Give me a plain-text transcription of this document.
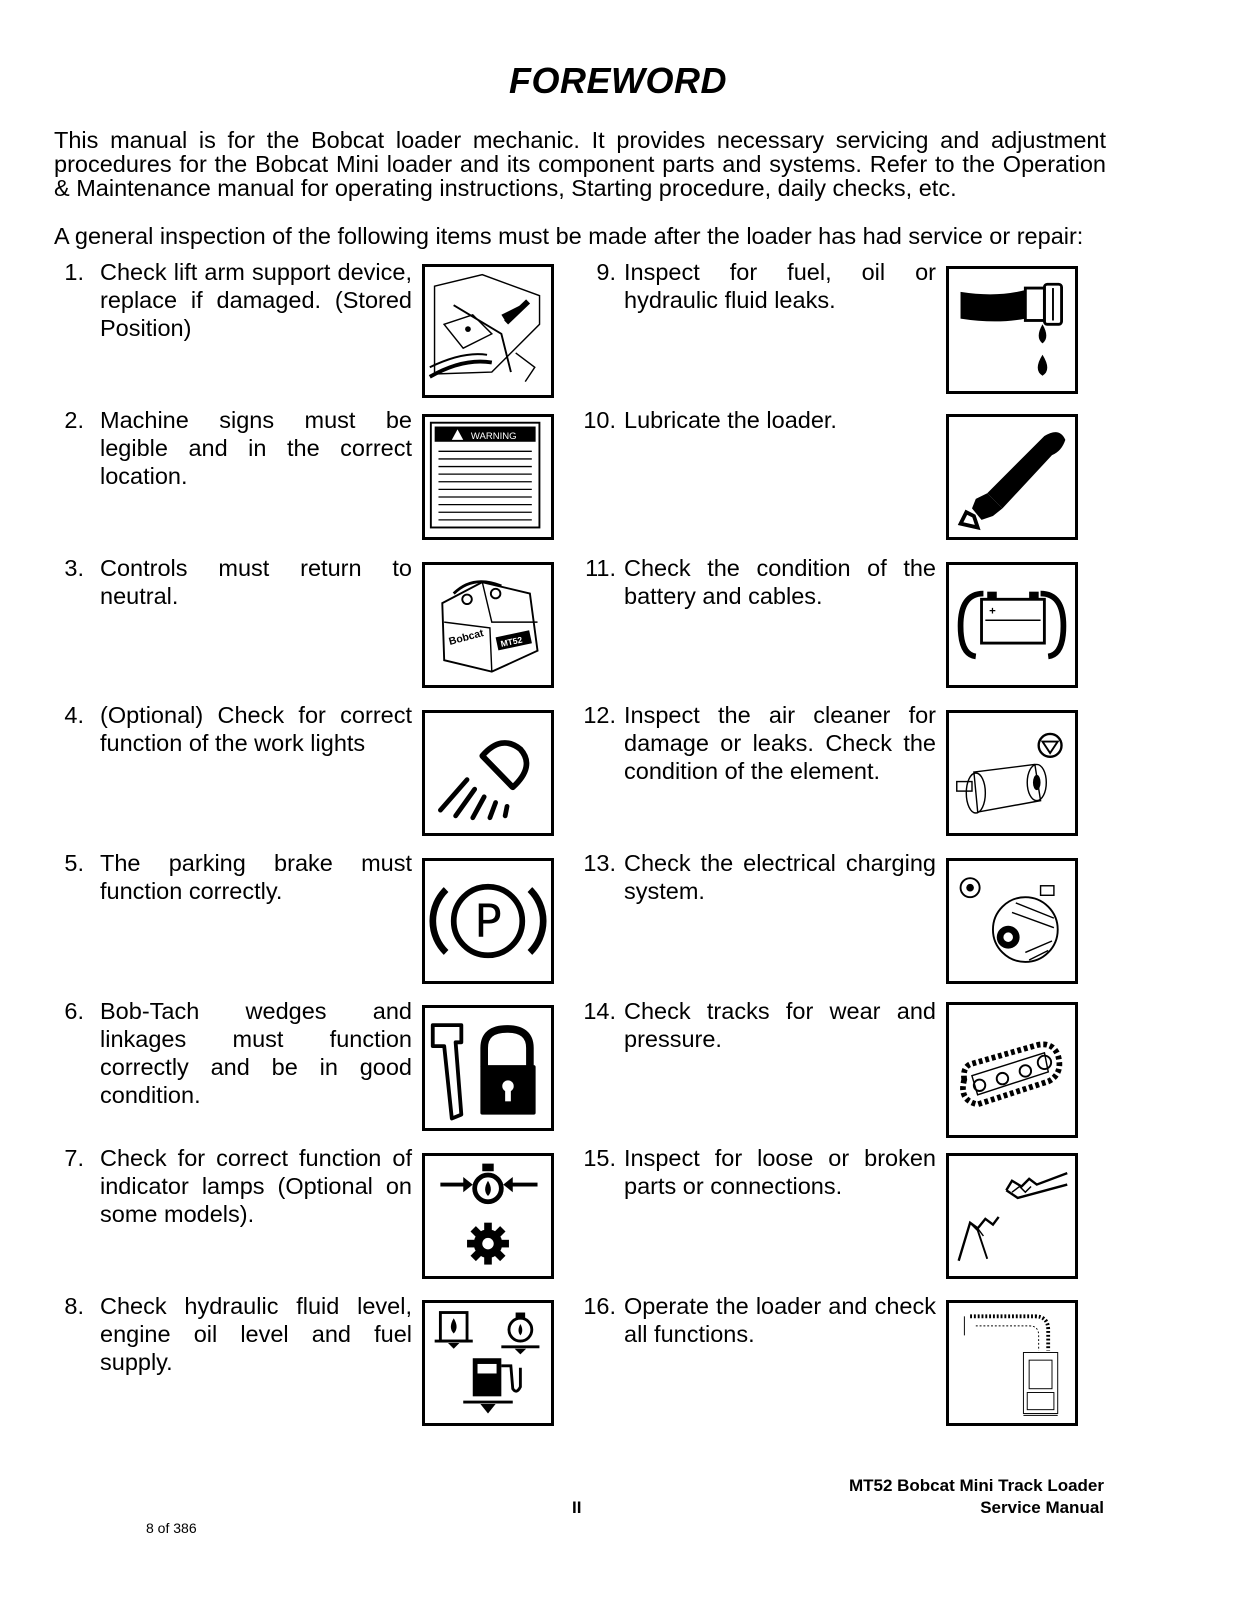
FOREWORD
This manual is for the Bobcat loader mechanic. It provides necessary servicing and adjustment procedures for the Bobcat Mini loader and its component parts and systems. Refer to the Operation & Maintenance manual for operating instructions, Starting procedure, daily checks, etc.
A general inspection of the following items must be made after the loader has had service or repair:
1. Check lift arm support device, replace if damaged. (Stored Position)
2. Machine signs must be legible and in the correct location.
3. Controls must return to neutral.
4. (Optional) Check for correct function of the work lights
5. The parking brake must function correctly.
6. Bob-Tach wedges and linkages must function correctly and be in good condition.
7. Check for correct function of indicator lamps (Optional on some models).
8. Check hydraulic fluid level, engine oil level and fuel supply.
9. Inspect for fuel, oil or hydraulic fluid leaks.
10. Lubricate the loader.
11. Check the condition of the battery and cables.
12. Inspect the air cleaner for damage or leaks. Check the condition of the element.
13. Check the electrical charging system.
14. Check tracks for wear and pressure.
15. Inspect for loose or broken parts or connections.
16. Operate the loader and check all functions.
WARNING
Bobcat MT52
P
+
MT52 Bobcat Mini Track Loader
II	Service Manual
8 of 386
